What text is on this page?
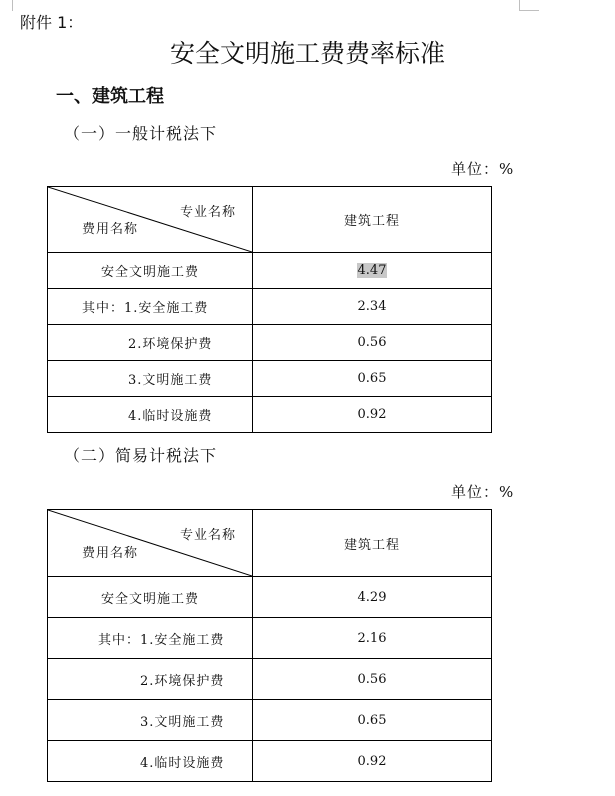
附件 1：
安全文明施工费费率标准
一、建筑工程
（一）一般计税法下
单位：%
专业名称
费用名称	建筑工程
安全文明施工费	4.47
其中：1.安全施工费	2.34
2.环境保护费	0.56
3.文明施工费	0.65
4.临时设施费	0.92
（二）简易计税法下
单位：%
专业名称
费用名称	建筑工程
安全文明施工费	4.29
其中：1.安全施工费	2.16
2.环境保护费	0.56
3.文明施工费	0.65
4.临时设施费	0.92
